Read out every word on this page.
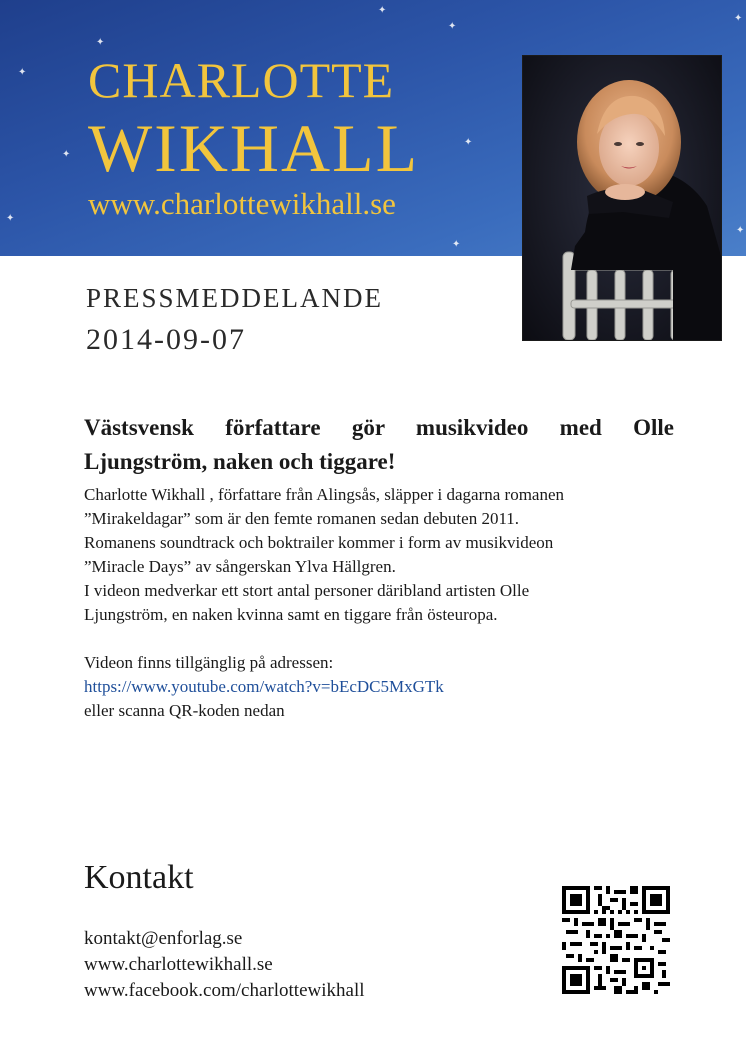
✦
✦
✦
✦
✦
✦
✦
✦
✦
✦
CHARLOTTE
WIKHALL
www.charlottewikhall.se
PRESSMEDDELANDE
2014-09-07
Västsvensk författare gör musikvideo med Olle Ljungström, naken och tiggare!

Charlotte Wikhall , författare från Alingsås, släpper i dagarna romanen

”Mirakeldagar” som är den femte romanen sedan debuten 2011.

Romanens soundtrack och boktrailer kommer i form av musikvideon

”Miracle Days” av sångerskan Ylva Hällgren.

I videon medverkar ett stort antal personer däribland artisten Olle

Ljungström, en naken kvinna samt en tiggare från östeuropa.

Videon finns tillgänglig på adressen:

https://www.youtube.com/watch?v=bEcDC5MxGTk

eller scanna QR-koden nedan

Kontakt
kontakt@enforlag.se
www.charlottewikhall.se
www.facebook.com/charlottewikhall
